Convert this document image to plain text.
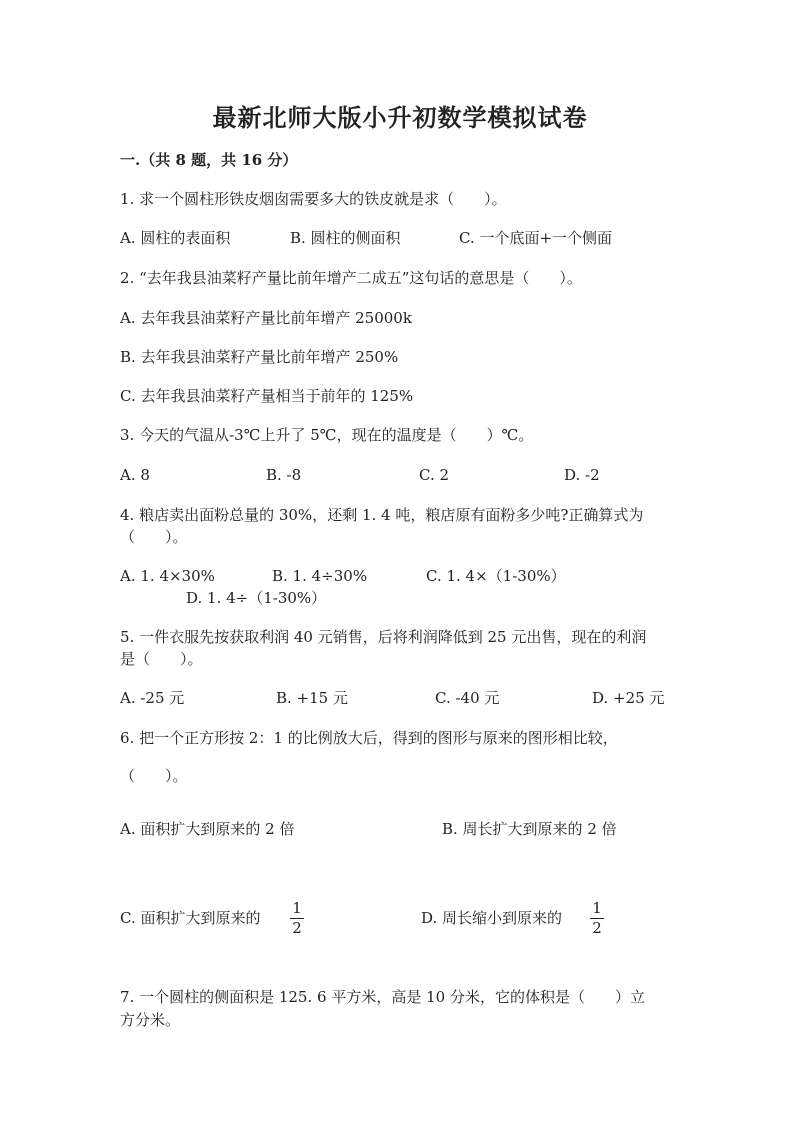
最新北师大版小升初数学模拟试卷
一.（共 8 题，共 16 分）
1. 求一个圆柱形铁皮烟囱需要多大的铁皮就是求（　　）。
A. 圆柱的表面积	B. 圆柱的侧面积	C. 一个底面+一个侧面
2. “去年我县油菜籽产量比前年增产二成五”这句话的意思是（　　）。
A. 去年我县油菜籽产量比前年增产 25000k
B. 去年我县油菜籽产量比前年增产 250%
C. 去年我县油菜籽产量相当于前年的 125%
3. 今天的气温从-3℃上升了 5℃，现在的温度是（　　）℃。
A. 8	B. -8	C. 2	D. -2
4. 粮店卖出面粉总量的 30%，还剩 1. 4 吨，粮店原有面粉多少吨?正确算式为
（　　）。
A. 1. 4×30%	B. 1. 4÷30%	C. 1. 4×（1-30%）
D. 1. 4÷（1-30%）
5. 一件衣服先按获取利润 40 元销售，后将利润降低到 25 元出售，现在的利润
是（　　）。
A. -25 元	B. +15 元	C. -40 元	D. +25 元
6. 把一个正方形按 2：1 的比例放大后，得到的图形与原来的图形相比较，
（　　）。
A. 面积扩大到原来的 2 倍	B. 周长扩大到原来的 2 倍
C. 面积扩大到原来的
1
2
D. 周长缩小到原来的
1
2
7. 一个圆柱的侧面积是 125. 6 平方米，高是 10 分米，它的体积是（　　）立
方分米。
